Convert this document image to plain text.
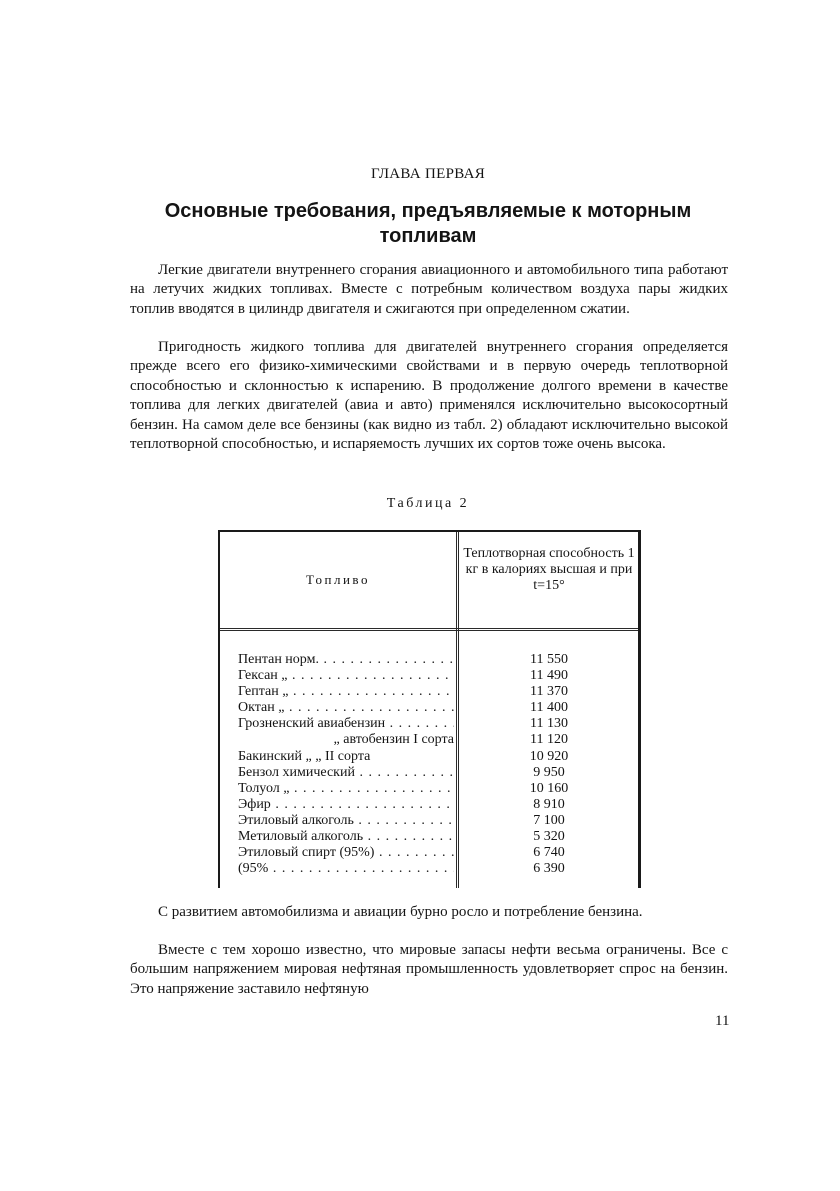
ГЛАВА ПЕРВАЯ
Основные требования, предъявляемые к моторным топливам

Легкие двигатели внутреннего сгорания авиационного и автомобильного типа работают на летучих жидких топливах. Вместе с потребным количеством воздуха пары жидких топлив вводятся в цилиндр двигателя и сжигаются при определенном сжатии.

Пригодность жидкого топлива для двигателей внутреннего сгорания определяется прежде всего его физико-химическими свойствами и в первую очередь теплотворной способностью и склонностью к испарению. В продолжение долгого времени в качестве топлива для легких двигателей (авиа и авто) применялся исключительно высокосортный бензин. На самом деле все бензины (как видно из табл. 2) обладают исключительно высокой теплотворной способностью, и испаряемость лучших их сортов тоже очень высока.

Таблица 2
Топливо
Теплотворная способность 1 кг в калориях высшая и при t=15°
Пентан норм. . . .	11 550
Гексан „ . . .	11 490
Гептан „ . . .	11 370
Октан „ . . .	11 400
Грозненский авиабензин . . .	11 130
„ автобензин I сорта	11 120
Бакинский „ „ II сорта	10 920
Бензол химический . . .	9 950
Толуол „ . . .	10 160
Эфир . . .	8 910
Этиловый алкоголь . . .	7 100
Метиловый алкоголь . . .	5 320
Этиловый спирт (95%) . . .	6 740
(95% . . .	6 390

С развитием автомобилизма и авиации бурно росло и потребление бензина.

Вместе с тем хорошо известно, что мировые запасы нефти весьма ограничены. Все с большим напряжением мировая нефтяная промышленность удовлетворяет спрос на бензин. Это напряжение заставило нефтяную

11
